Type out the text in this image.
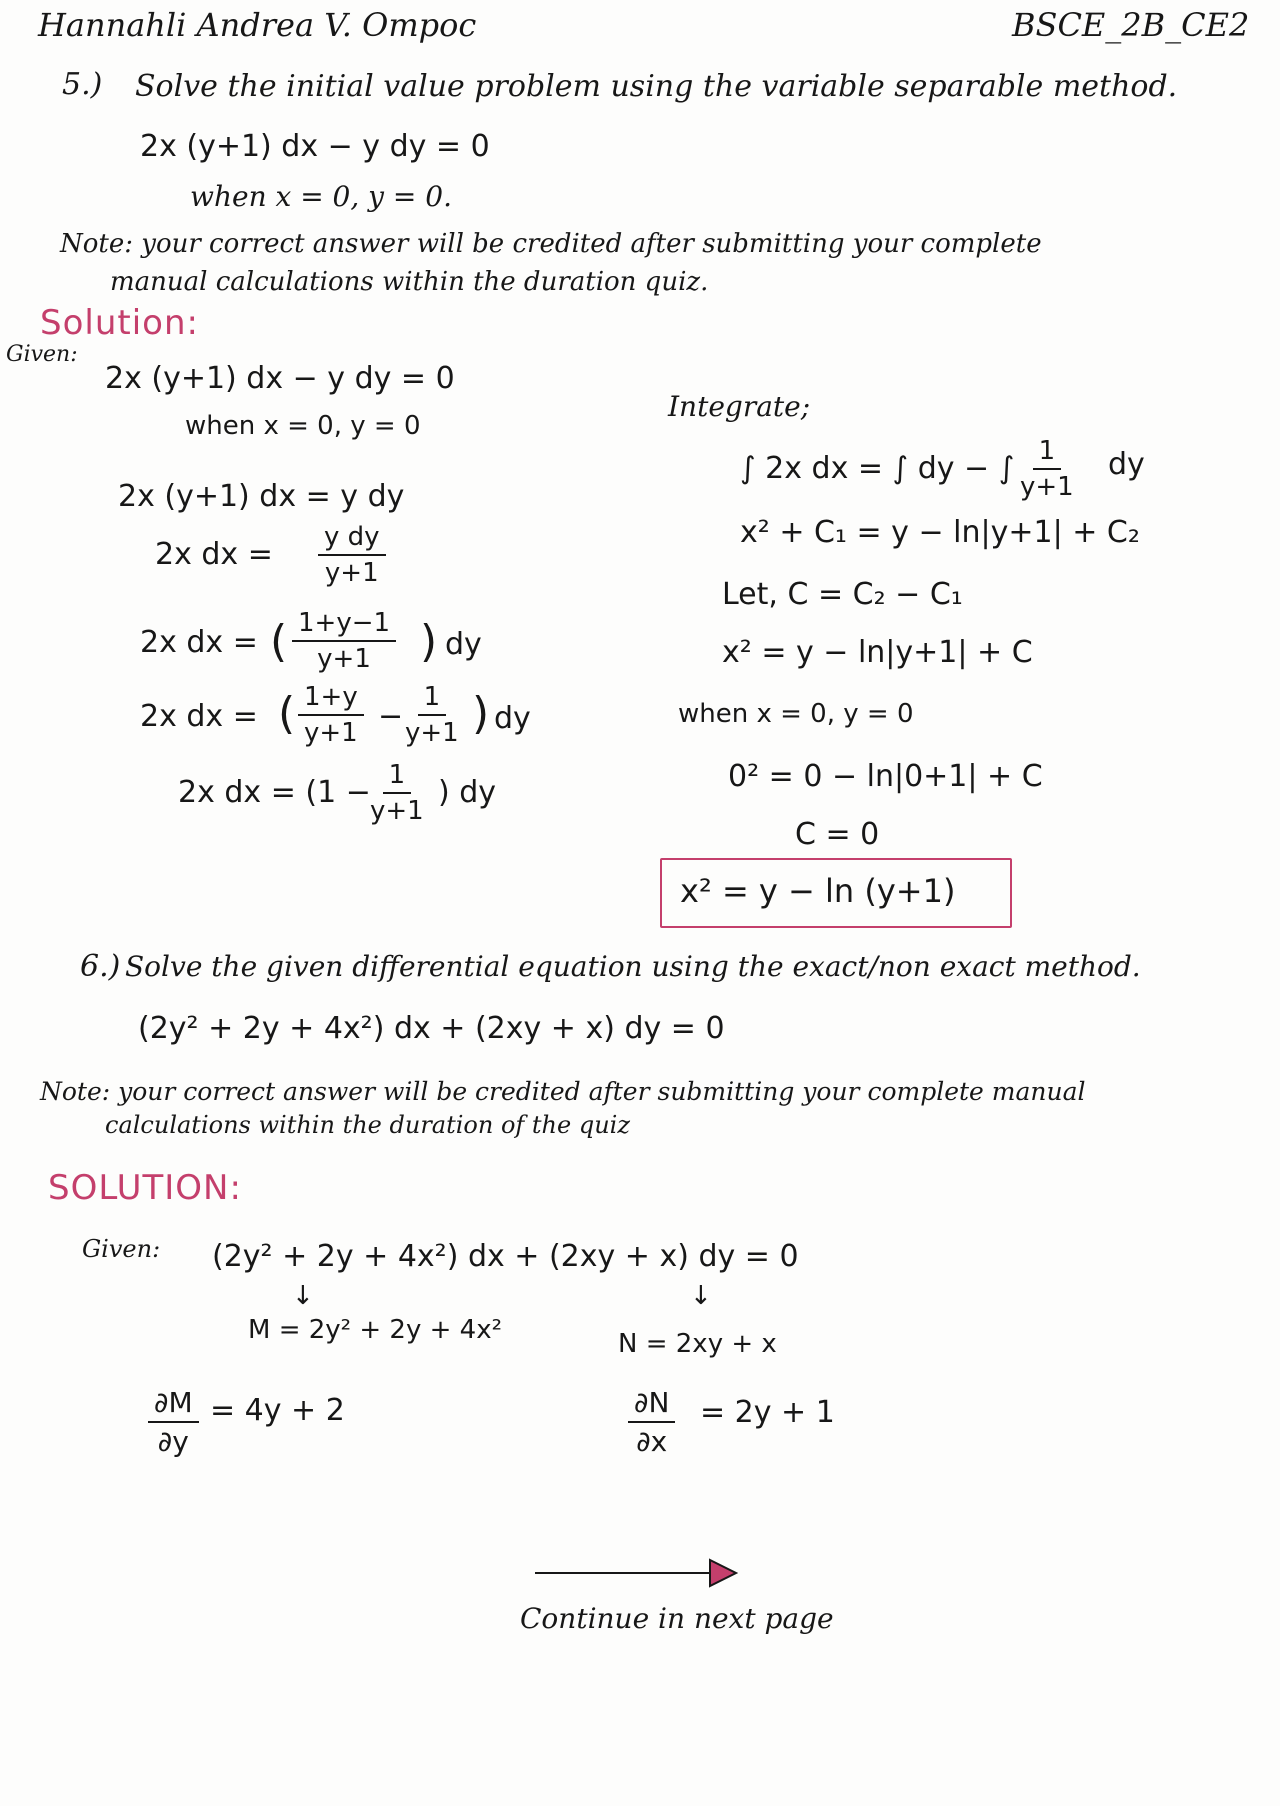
Hannahli Andrea V. Ompoc	BSCE_2B_CE2
5.) Solve the initial value problem using the variable separable method.
2x (y+1) dx − y dy = 0
when x = 0, y = 0.
Note: your correct answer will be credited after submitting your complete
manual calculations within the duration quiz.
Solution:
Given:
2x (y+1) dx − y dy = 0
when x = 0, y = 0
2x (y+1) dx = y dy
2x dx = $\frac{\text{y dy}}{y+1}$
2x dx = ( $\frac{1+y-1}{y+1}$ ) dy
2x dx = ( $\frac{1+y}{y+1} - \frac{1}{y+1}$ ) dy
2x dx = ($1 - \frac{1}{y+1}$ ) dy
Integrate;
∫ 2x dx = ∫ dy − ∫ $\frac{1}{y+1}$ dy
x² + C₁ = y − ln|y+1| + C₂
Let, C = C₂ − C₁
x² = y − ln|y+1| + C
when x = 0, y = 0
0² = 0 − ln|0+1| + C
C = 0
x² = y − ln (y+1)
6.) Solve the given differential equation using the exact/non exact method.
(2y² + 2y + 4x²) dx + (2xy + x) dy = 0
Note: your correct answer will be credited after submitting your complete manual
calculations within the duration of the quiz
SOLUTION:
Given: (2y² + 2y + 4x²) dx + (2xy + x) dy = 0
↓	↓
M = 2y² + 2y + 4x²	N = 2xy + x
$\frac{\partial M}{\partial y} = 4y + 2$	$\frac{\partial N}{\partial x} = 2y + 1$
Continue in next page
